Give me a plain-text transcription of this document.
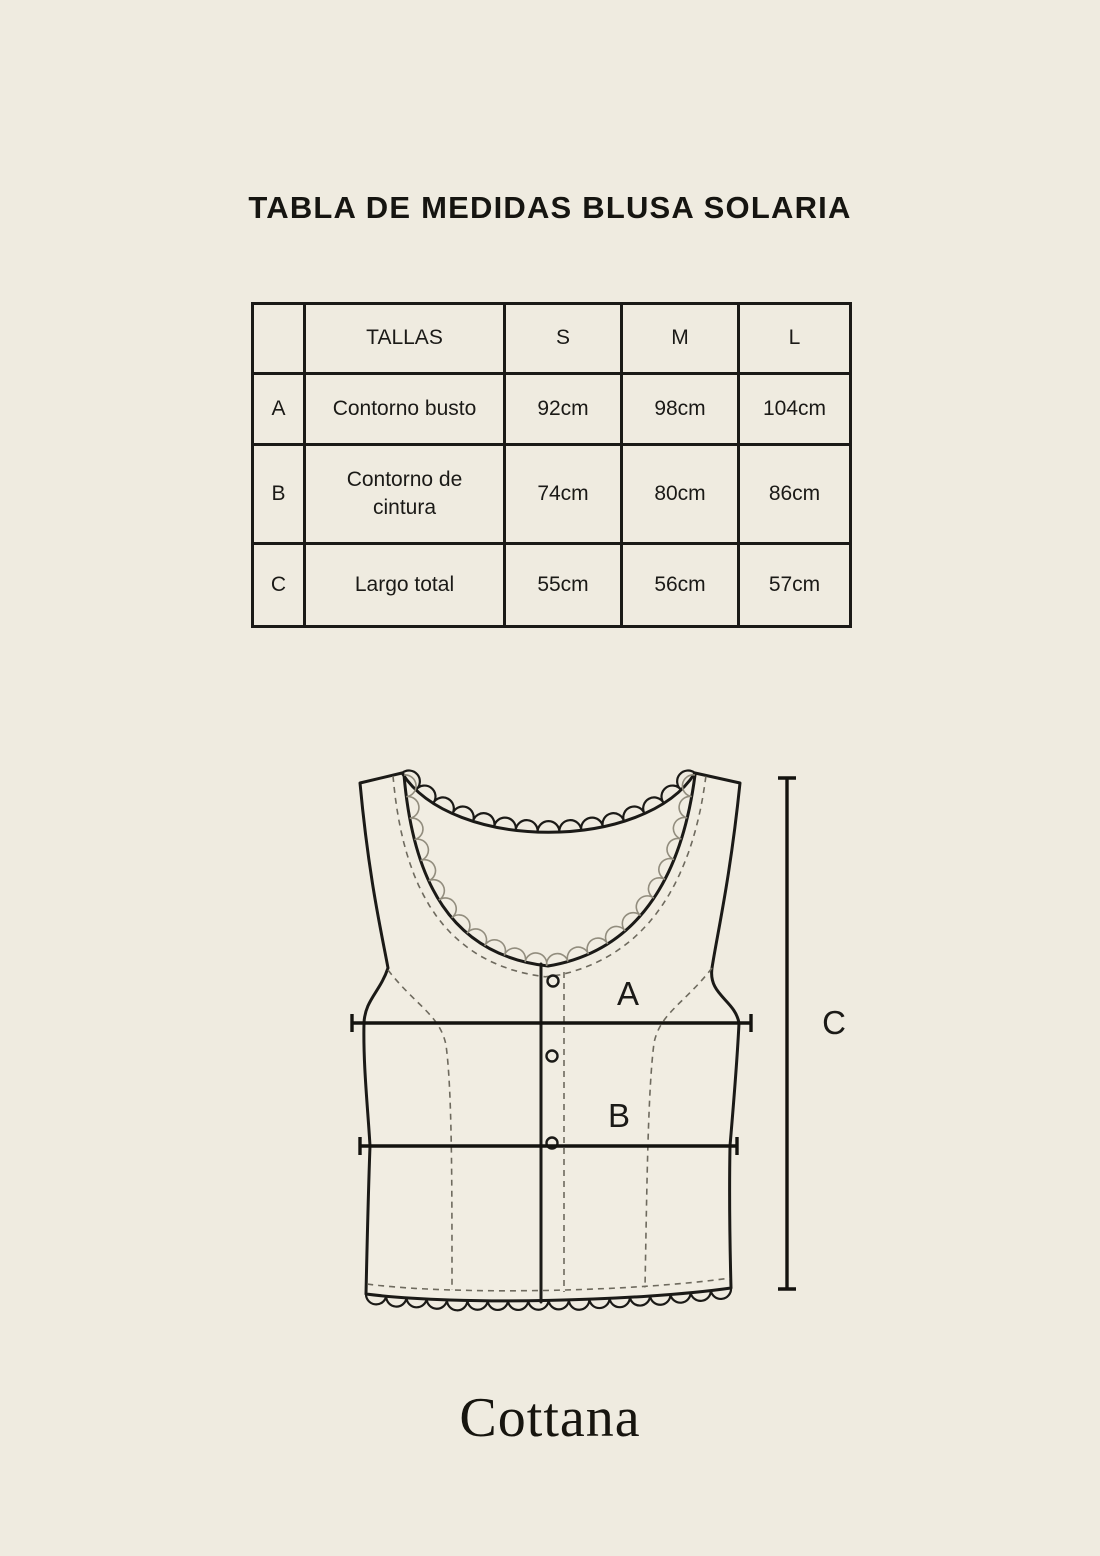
TABLA DE MEDIDAS BLUSA SOLARIA
	TALLAS	S	M	L
A	Contorno busto	92cm	98cm	104cm
B	Contorno de cintura	74cm	80cm	86cm
C	Largo total	55cm	56cm	57cm
A
B
C
Cottana
